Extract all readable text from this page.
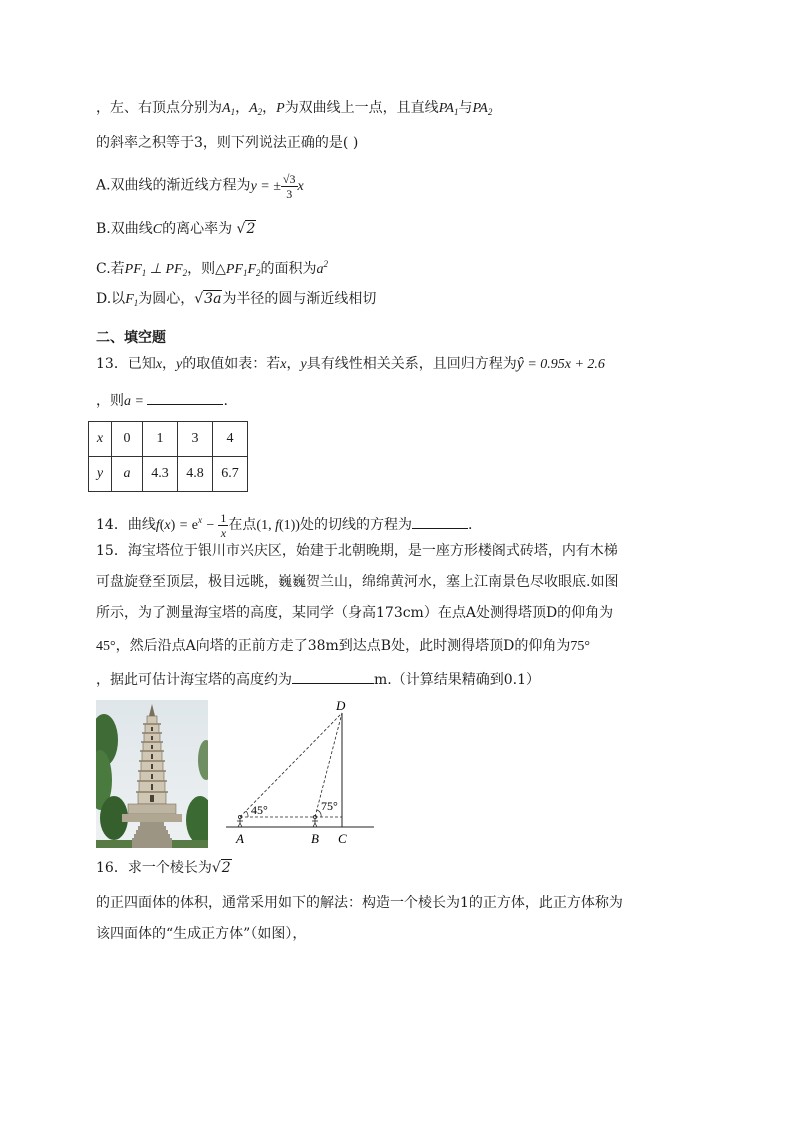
，左、右顶点分别为$A_1$，$A_2$，P为双曲线上一点，且直线$PA_1$与$PA_2$
的斜率之积等于3，则下列说法正确的是( )
A.双曲线的渐近线方程为y = ± $\frac{√3}{3}$ x
B.双曲线C的离心率为 √2
C.若$PF_1$ ⊥ $PF_2$，则$\triangle PF_1F_2$的面积为$a^2$
D.以$F_1$为圆心，√3a为半径的圆与渐近线相切
二、填空题
13．已知x，y的取值如表：若x，y具有线性相关关系，且回归方程为ŷ = 0.95x + 2.6
，则a =	.
x	0	1	3	4
y	a	4.3	4.8	6.7
14．曲线$f(x) = e^x - \frac{1}{x}$ 在点(1, f(1))处的切线的方程为	.
15．海宝塔位于银川市兴庆区，始建于北朝晚期，是一座方形楼阁式砖塔，内有木梯
可盘旋登至顶层，极目远眺，巍巍贺兰山，绵绵黄河水，塞上江南景色尽收眼底.如图
所示，为了测量海宝塔的高度，某同学（身高173cm）在点A处测得塔顶D的仰角为
45°，然后沿点A向塔的正前方走了38m到达点B处，此时测得塔顶D的仰角为75°
，据此可估计海宝塔的高度约为	m.（计算结果精确到0.1）
D
A	B C
45°	75°
16．求一个棱长为√2
的正四面体的体积，通常采用如下的解法：构造一个棱长为1的正方体，此正方体称为
该四面体的“生成正方体”（如图），
